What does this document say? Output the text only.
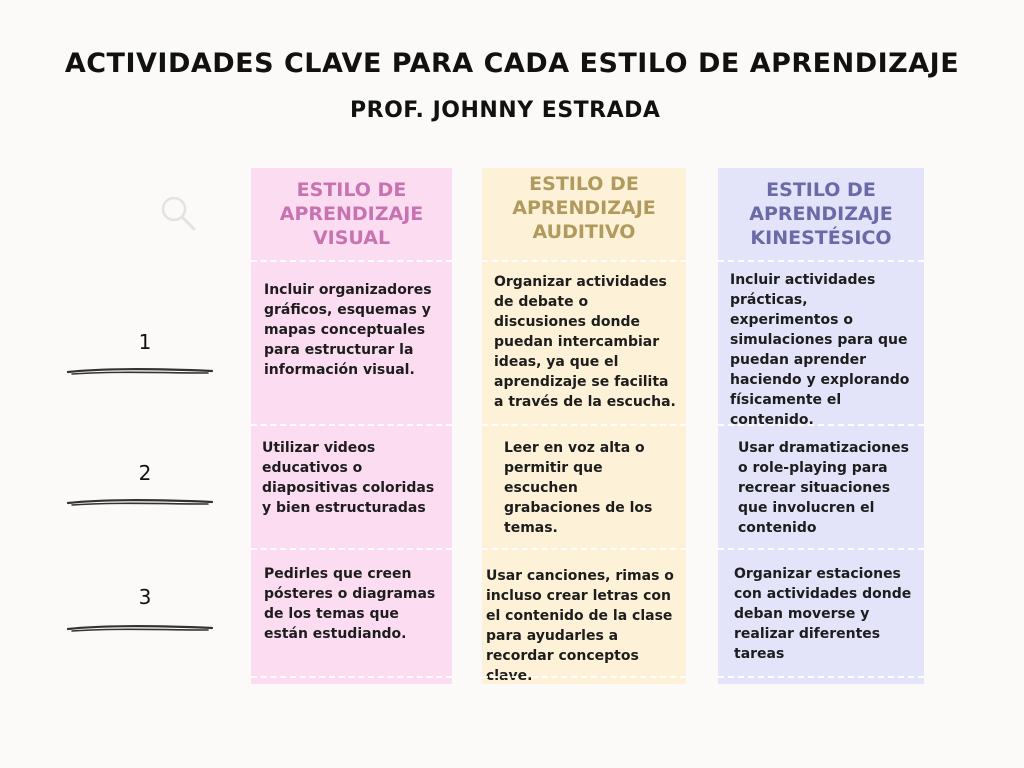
ACTIVIDADES CLAVE PARA CADA ESTILO DE APRENDIZAJE
PROF. JOHNNY ESTRADA
1
2
3
ESTILO DE APRENDIZAJE VISUAL
Incluir organizadores gráficos, esquemas y mapas conceptuales para estructurar la información visual.
Utilizar videos educativos o diapositivas coloridas y bien estructuradas
Pedirles que creen pósteres o diagramas de los temas que están estudiando.
ESTILO DE APRENDIZAJE AUDITIVO
Organizar actividades de debate o discusiones donde puedan intercambiar ideas, ya que el aprendizaje se facilita a través de la escucha.
Leer en voz alta o permitir que escuchen grabaciones de los temas.
Usar canciones, rimas o incluso crear letras con el contenido de la clase para ayudarles a recordar conceptos clave.
ESTILO DE APRENDIZAJE KINESTÉSICO
Incluir actividades prácticas, experimentos o simulaciones para que puedan aprender haciendo y explorando físicamente el contenido.
Usar dramatizaciones o role-playing para recrear situaciones que involucren el contenido
Organizar estaciones con actividades donde deban moverse y realizar diferentes tareas
